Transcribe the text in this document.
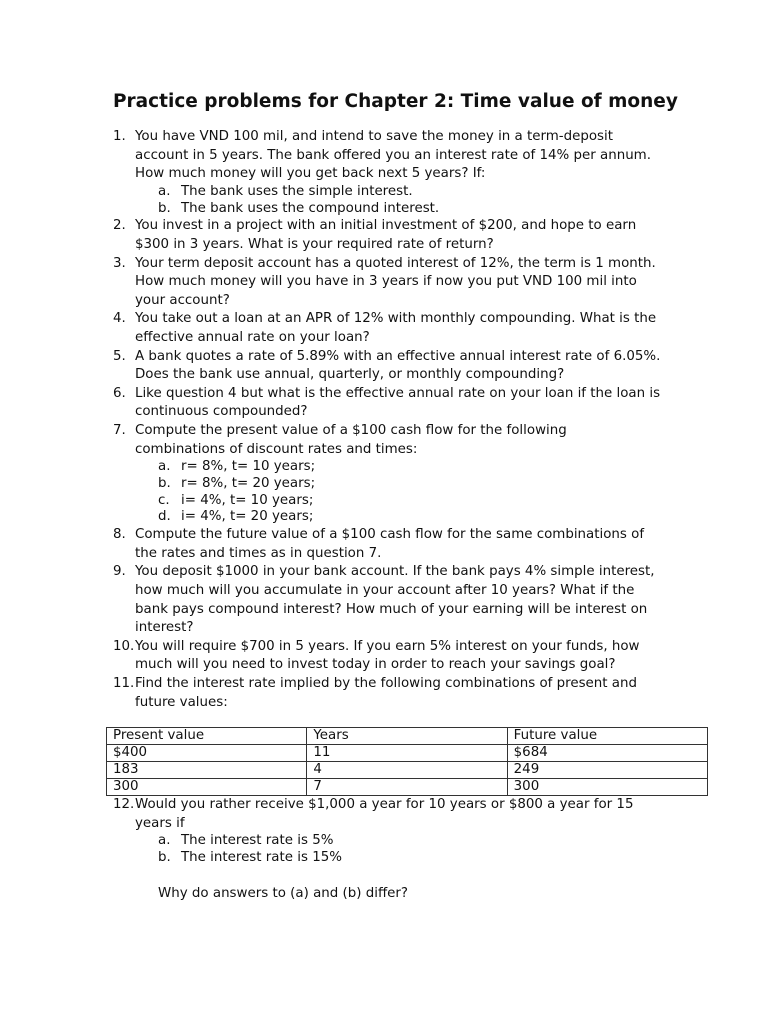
Practice problems for Chapter 2: Time value of money
1. You have VND 100 mil, and intend to save the money in a term-deposit
account in 5 years. The bank offered you an interest rate of 14% per annum.
How much money will you get back next 5 years? If:
a. The bank uses the simple interest.
b. The bank uses the compound interest.
2. You invest in a project with an initial investment of $200, and hope to earn
$300 in 3 years. What is your required rate of return?
3. Your term deposit account has a quoted interest of 12%, the term is 1 month.
How much money will you have in 3 years if now you put VND 100 mil into
your account?
4. You take out a loan at an APR of 12% with monthly compounding. What is the
effective annual rate on your loan?
5. A bank quotes a rate of 5.89% with an effective annual interest rate of 6.05%.
Does the bank use annual, quarterly, or monthly compounding?
6. Like question 4 but what is the effective annual rate on your loan if the loan is
continuous compounded?
7. Compute the present value of a $100 cash flow for the following
combinations of discount rates and times:
a. r= 8%, t= 10 years;
b. r= 8%, t= 20 years;
c. i= 4%, t= 10 years;
d. i= 4%, t= 20 years;
8. Compute the future value of a $100 cash flow for the same combinations of
the rates and times as in question 7.
9. You deposit $1000 in your bank account. If the bank pays 4% simple interest,
how much will you accumulate in your account after 10 years? What if the
bank pays compound interest? How much of your earning will be interest on
interest?
10. You will require $700 in 5 years. If you earn 5% interest on your funds, how
much will you need to invest today in order to reach your savings goal?
11. Find the interest rate implied by the following combinations of present and
future values:
Present value	Years	Future value
$400	11	$684
183	4	249
300	7	300
12. Would you rather receive $1,000 a year for 10 years or $800 a year for 15
years if
a. The interest rate is 5%
b. The interest rate is 15%
Why do answers to (a) and (b) differ?
